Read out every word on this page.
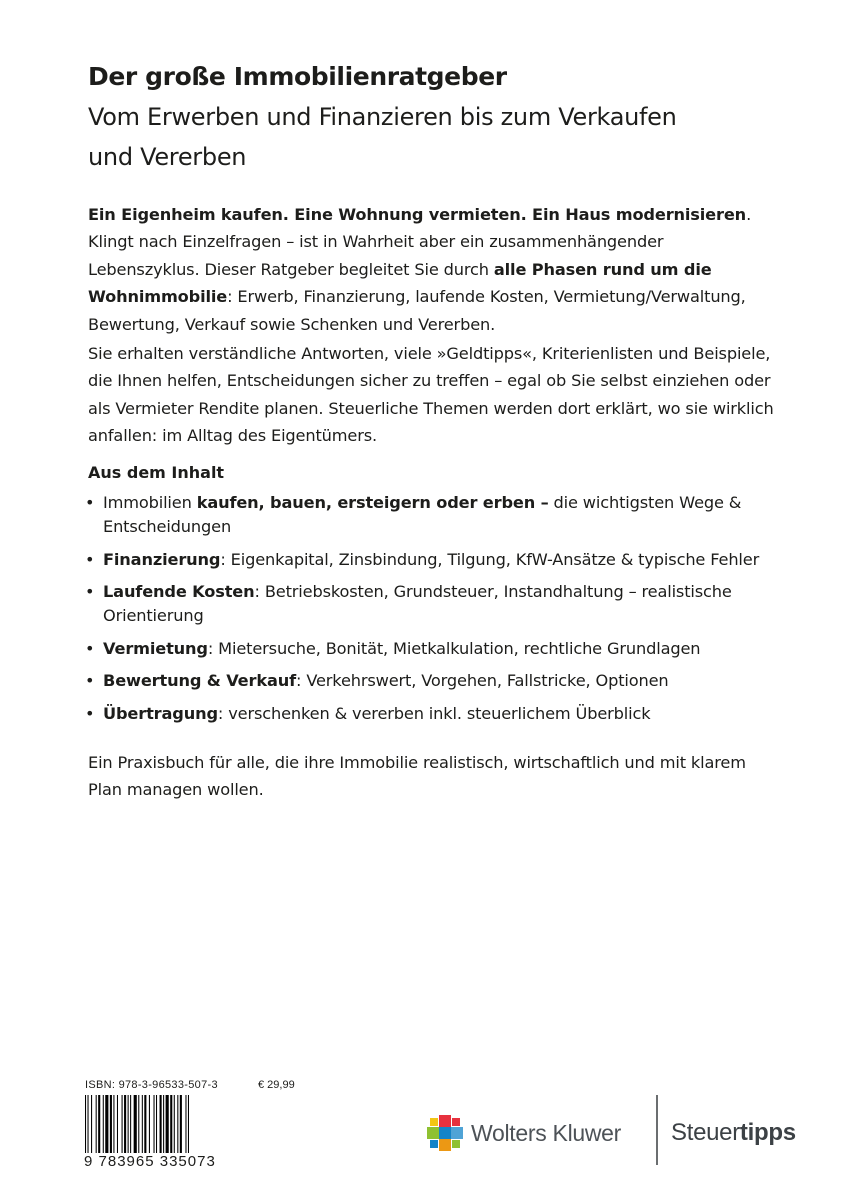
Der große Immobilienratgeber
Vom Erwerben und Finanzieren bis zum Verkaufen und Vererben

Ein Eigenheim kaufen. Eine Wohnung vermieten. Ein Haus modernisieren. Klingt nach Einzelfragen – ist in Wahrheit aber ein zusammenhängender Lebenszyklus. Dieser Ratgeber begleitet Sie durch alle Phasen rund um die Wohnimmobilie: Erwerb, Finanzierung, laufende Kosten, Vermietung/Verwaltung, Bewertung, Verkauf sowie Schenken und Vererben.

Sie erhalten verständliche Antworten, viele »Geldtipps«, Kriterienlisten und Beispiele, die Ihnen helfen, Entscheidungen sicher zu treffen – egal ob Sie selbst einziehen oder als Vermieter Rendite planen. Steuerliche Themen werden dort erklärt, wo sie wirklich anfallen: im Alltag des Eigentümers.

Aus dem Inhalt
• Immobilien kaufen, bauen, ersteigern oder erben – die wichtigsten Wege & Entscheidungen
• Finanzierung: Eigenkapital, Zinsbindung, Tilgung, KfW-Ansätze & typische Fehler
• Laufende Kosten: Betriebskosten, Grundsteuer, Instandhaltung – realistische Orientierung
• Vermietung: Mietersuche, Bonität, Mietkalkulation, rechtliche Grundlagen
• Bewertung & Verkauf: Verkehrswert, Vorgehen, Fallstricke, Optionen
• Übertragung: verschenken & vererben inkl. steuerlichem Überblick

Ein Praxisbuch für alle, die ihre Immobilie realistisch, wirtschaftlich und mit klarem Plan managen wollen.

ISBN: 978-3-96533-507-3	€ 29,99
9 783965 335073
Wolters Kluwer Steuertipps
